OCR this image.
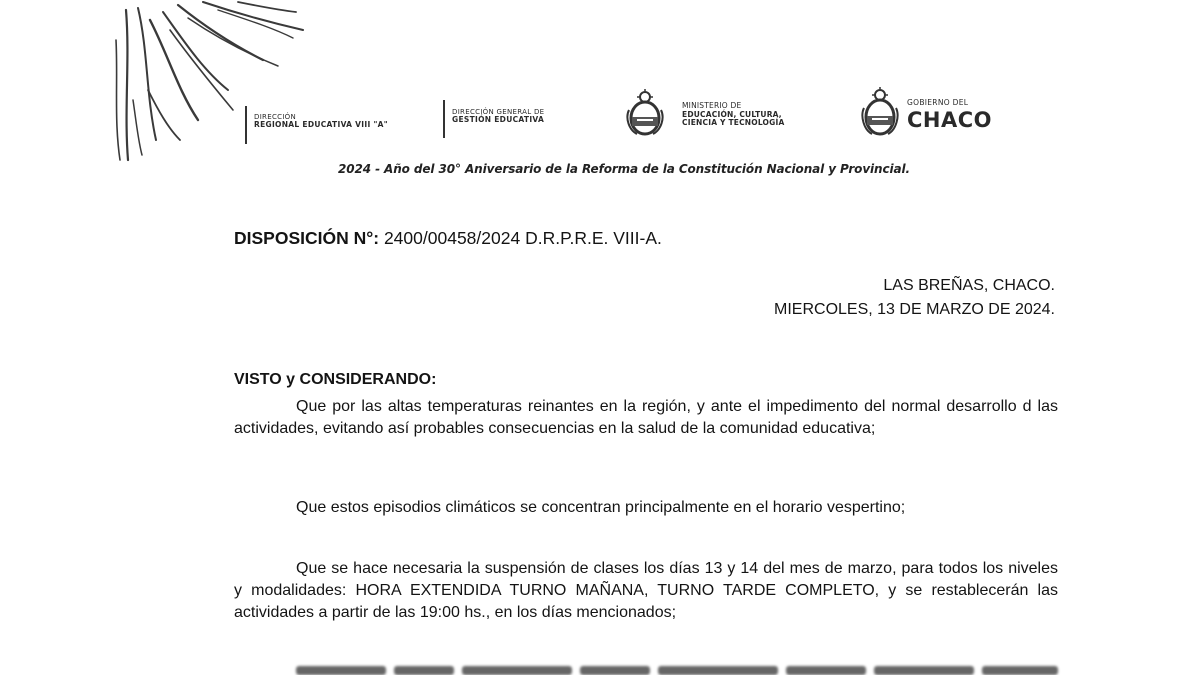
DIRECCIÓN
REGIONAL EDUCATIVA VIII "A"
DIRECCIÓN GENERAL DE
GESTIÓN EDUCATIVA
MINISTERIO DE
EDUCACIÓN, CULTURA,
CIENCIA Y TECNOLOGÍA
GOBIERNO DEL
CHACO
2024 - Año del 30° Aniversario de la Reforma de la Constitución Nacional y Provincial.
DISPOSICIÓN N°: 2400/00458/2024 D.R.P.R.E. VIII-A.
LAS BREÑAS, CHACO.
MIERCOLES, 13 DE MARZO DE 2024.
VISTO y CONSIDERANDO:

Que por las altas temperaturas reinantes en la región, y ante el impedimento del normal desarrollo d las actividades, evitando así probables consecuencias en la salud de la comunidad educativa;

Que estos episodios climáticos se concentran principalmente en el horario vespertino;

Que se hace necesaria la suspensión de clases los días 13 y 14 del mes de marzo, para todos los niveles y modalidades: HORA EXTENDIDA TURNO MAÑANA, TURNO TARDE COMPLETO, y se restablecerán las actividades a partir de las 19:00 hs., en los días mencionados;
